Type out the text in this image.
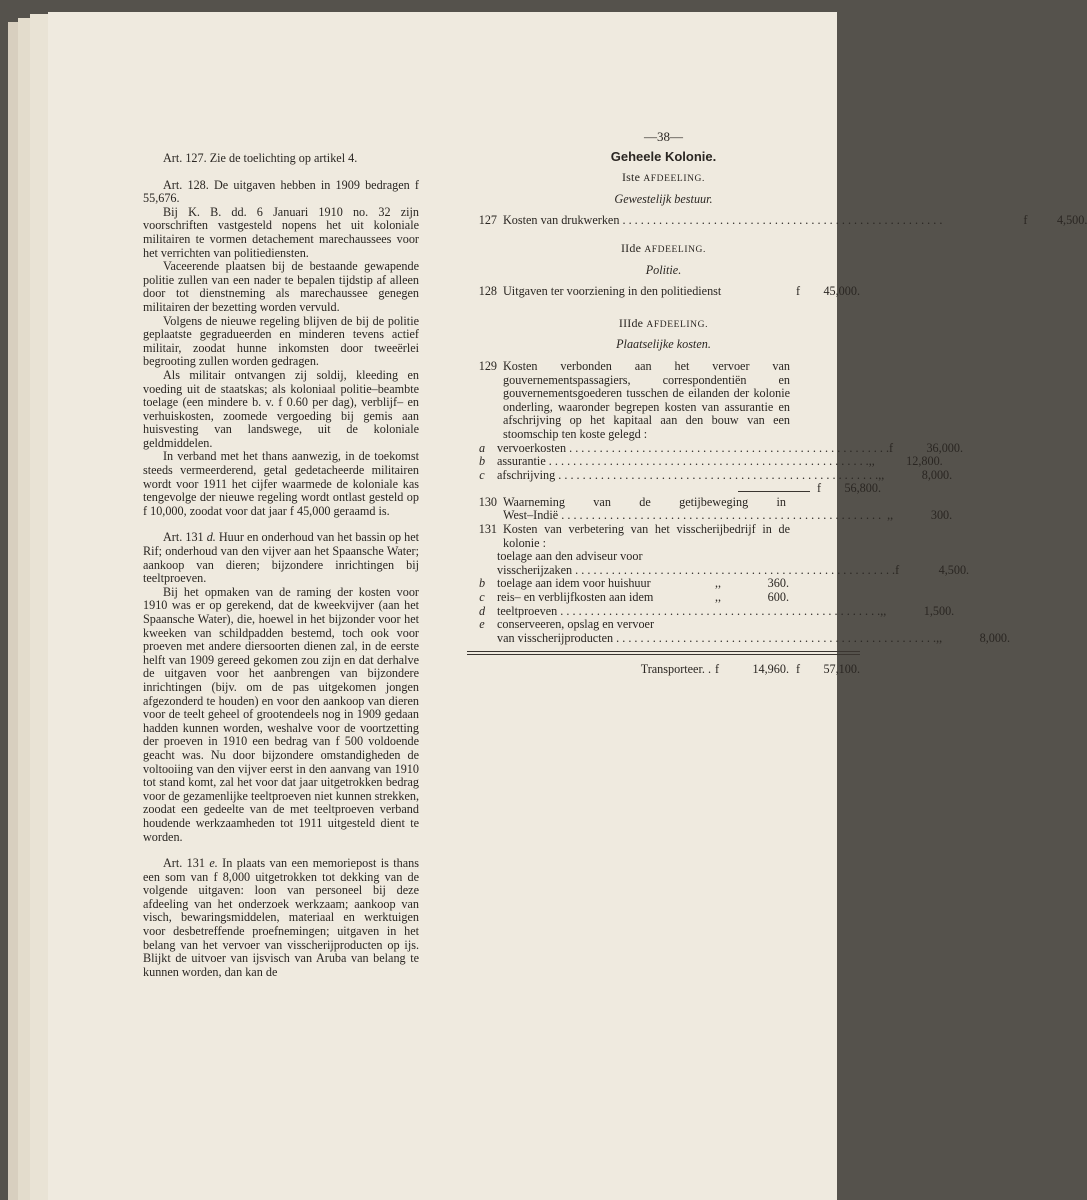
Art. 127. Zie de toelichting op artikel 4.

Art. 128. De uitgaven hebben in 1909 bedragen f 55,676.

Bij K. B. dd. 6 Januari 1910 no. 32 zijn voorschriften vastgesteld nopens het uit koloniale militairen te vormen detachement marechaussees voor het verrichten van politiediensten.

Vaceerende plaatsen bij de bestaande gewapende politie zullen van een nader te bepalen tijdstip af alleen door tot dienstneming als marechaussee genegen militairen der bezetting worden vervuld.

Volgens de nieuwe regeling blijven de bij de politie geplaatste gegradueerden en minderen tevens actief militair, zoodat hunne inkomsten door tweeërlei begrooting zullen worden gedragen.

Als militair ontvangen zij soldij, kleeding en voeding uit de staatskas; als koloniaal politie–beambte toelage (een mindere b. v. f 0.60 per dag), verblijf– en verhuiskosten, zoomede vergoeding bij gemis aan huisvesting van landswege, uit de koloniale geldmiddelen.

In verband met het thans aanwezig, in de toekomst steeds vermeerderend, getal gedetacheerde militairen wordt voor 1911 het cijfer waarmede de koloniale kas tengevolge der nieuwe regeling wordt ontlast gesteld op f 10,000, zoodat voor dat jaar f 45,000 geraamd is.

Art. 131 d. Huur en onderhoud van het bassin op het Rif; onderhoud van den vijver aan het Spaansche Water; aankoop van dieren; bijzondere inrichtingen bij teeltproeven.

Bij het opmaken van de raming der kosten voor 1910 was er op gerekend, dat de kweekvijver (aan het Spaansche Water), die, hoewel in het bijzonder voor het kweeken van schildpadden bestemd, toch ook voor proeven met andere diersoorten dienen zal, in de eerste helft van 1909 gereed gekomen zou zijn en dat derhalve de uitgaven voor het aanbrengen van bijzondere inrichtingen (bijv. om de pas uitgekomen jongen afgezonderd te houden) en voor den aankoop van dieren voor de teelt geheel of grootendeels nog in 1909 gedaan hadden kunnen worden, weshalve voor de voortzetting der proeven in 1910 een bedrag van f 500 voldoende geacht was. Nu door bijzondere omstandigheden de voltooiing van den vijver eerst in den aanvang van 1910 tot stand komt, zal het voor dat jaar uitgetrokken bedrag voor de gezamenlijke teeltproeven niet kunnen strekken, zoodat een gedeelte van de met teeltproeven verband houdende werkzaamheden tot 1911 uitgesteld dient te worden.

Art. 131 e. In plaats van een memoriepost is thans een som van f 8,000 uitgetrokken tot dekking van de volgende uitgaven: loon van personeel bij deze afdeeling van het onderzoek werkzaam; aankoop van visch, bewaringsmiddelen, materiaal en werktuigen voor desbetreffende proefnemingen; uitgaven in het belang van het vervoer van visscherijproducten op ijs. Blijkt de uitvoer van ijsvisch van Aruba van belang te kunnen worden, dan kan de

—38—
Geheele Kolonie.
Iste AFDEELING.
Gewestelijk bestuur.
127 Kosten van drukwerken . . .	f	4,500.
IIde AFDEELING.
Politie.
128 Uitgaven ter voorziening in den politiedienst	f	45,000.
IIIde AFDEELING.
Plaatselijke kosten.
129 Kosten verbonden aan het vervoer van gouvernementspassagiers, correspondentiën en gouvernementsgoederen tusschen de eilanden der kolonie onderling, waaronder begrepen kosten van assurantie en afschrijving op het kapitaal aan den bouw van een stoomschip ten koste gelegd :
a vervoerkosten . . .	f	36,000.
b assurantie . . .	,,	12,800.
c	afschrijving . . .	,,	8,000.
f	56,800.
130 Waarneming van de getijbeweging in
West–Indië . . .	,,	300.
131 Kosten van verbetering van het visscherijbedrijf in de kolonie :
toelage aan den adviseur voor
visscherijzaken . . .	f	4,500.
b toelage aan idem voor huishuur	,,	360.
c	reis– en verblijfkosten aan idem	,,	600.
d teeltproeven . . .	,,	1,500.
e	conserveeren, opslag en vervoer
van visscherijproducten . . .	,,	8,000.
Transporteer. . f	14,960. f	57,100.
